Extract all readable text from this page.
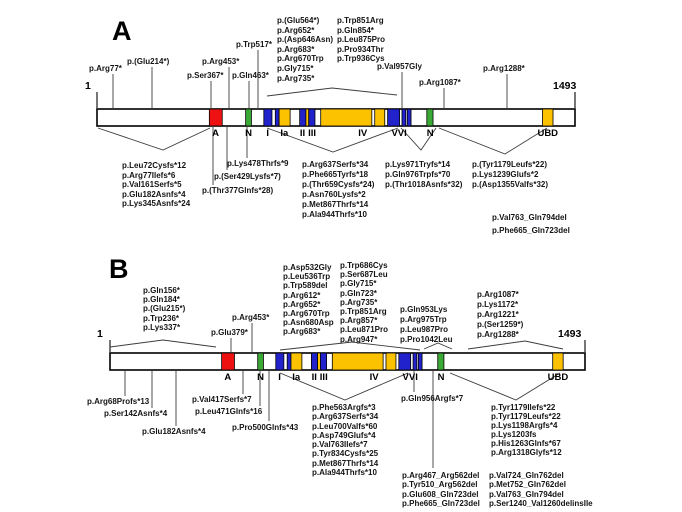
A
B
1	1493
1	1493
A	N I Ia II III	IV	VVI N	UBD
p.Arg77*
p.(Glu214*)
p.Ser367*
p.Arg453*
p.Gln463*
p.Trp517*
p.Val957Gly
p.Arg1087*
p.Arg1288*
p.(Glu564*)
p.Arg652*
p.(Asp646Asn)
p.Arg683*
p.Arg670Trp
p.Gly715*
p.Arg735*
p.Trp851Arg
p.Gln854*
p.Leu875Pro
p.Pro934Thr
p.Trp936Cys
p.Lys478Thrfs*9
p.(Ser429Lysfs*7)
p.(Thr377Glnfs*28)
p.Leu72Cysfs*12
p.Arg77Ilefs*6
p.Val161Serfs*5
p.Glu182Asnfs*4
p.Lys345Asnfs*24
p.Arg637Serfs*34
p.Phe665Tyrfs*18
p.(Thr659Cysfs*24)
p.Asn760Lysfs*2
p.Met867Thrfs*14
p.Ala944Thrfs*10
p.Lys971Tryfs*14
p.Gln976Trpfs*70
p.(Thr1018Asnfs*32)
p.(Tyr1179Leufs*22)
p.Lys1239Glufs*2
p.(Asp1355Valfs*32)
p.Val763_Gln794del
p.Phe665_Gln723del
A	N I Ia II III	IV	VVI N	UBD
p.Glu379*
p.Arg453*
p.Gln156*
p.Gln184*
p.(Glu215*)
p.Trp236*
p.Lys337*
p.Asp532Gly
p.Leu536Trp
p.Trp589del
p.Arg612*
p.Arg652*
p.Arg670Trp
p.Asn680Asp
p.Arg683*
p.Trp686Cys
p.Ser687Leu
p.Gly715*
p.Gln723*
p.Arg735*
p.Trp851Arg
p.Arg857*
p.Leu871Pro
p.Arg947*
p.Gln953Lys
p.Arg975Trp
p.Leu987Pro
p.Pro1042Leu
p.Arg1087*
p.Lys1172*
p.Arg1221*
p.(Ser1259*)
p.Arg1288*
p.Arg68Profs*13
p.Ser142Asnfs*4
p.Glu182Asnfs*4
p.Val417Serfs*7
p.Leu471Glnfs*16
p.Pro500Glnfs*43
p.Gln956Argfs*7
p.Phe563Argfs*3
p.Arg637Serfs*34
p.Leu700Valfs*60
p.Asp749Glufs*4
p.Val763Ilefs*7
p.Tyr834Cysfs*25
p.Met867Thrfs*14
p.Ala944Thrfs*10
p.Tyr1179Ilefs*22
p.Tyr1179Leufs*22
p.Lys1198Argfs*4
p.Lys1203fs
p.His1263Glnfs*67
p.Arg1318Glyfs*12
p.Arg467_Arg562del
p.Tyr510_Arg562del
p.Glu608_Gln723del
p.Phe665_Gln723del
p.Val724_Gln762del
p.Met752_Gln762del
p.Val763_Gln794del
p.Ser1240_Val1260delinsIle
